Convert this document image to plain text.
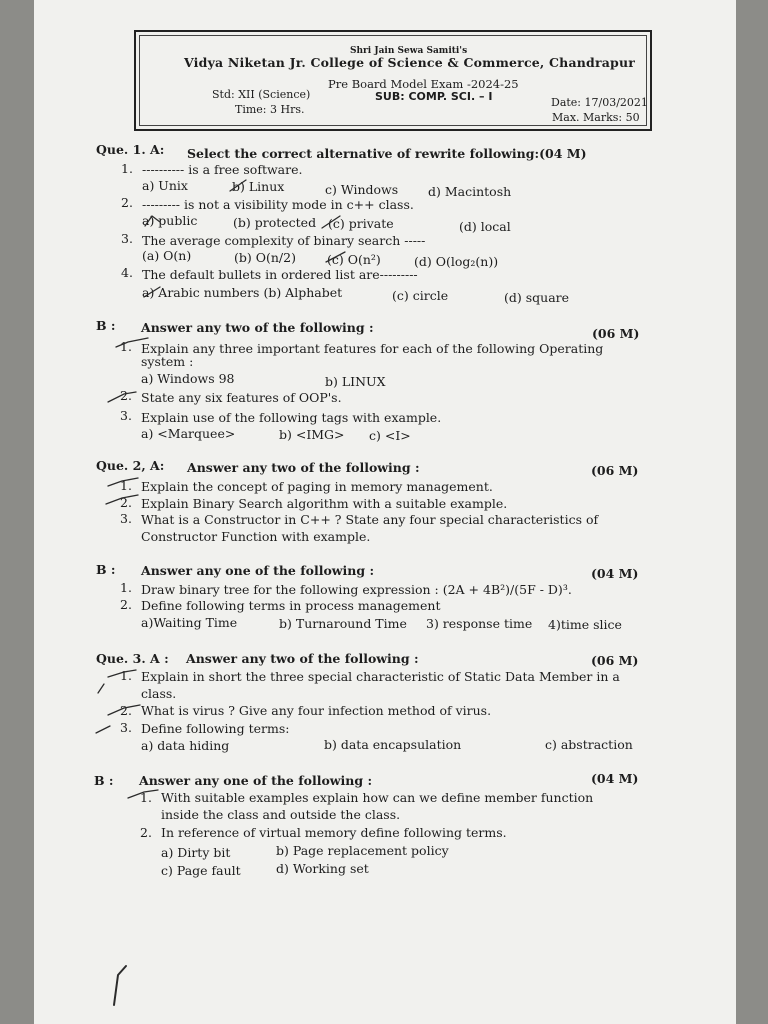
Shri Jain Sewa Samiti's
Vidya Niketan Jr. College of Science & Commerce, Chandrapur
Pre Board Model Exam -2024-25
Std: XII (Science)	SUB: COMP. SCI. – I	Date: 17/03/2021
Time: 3 Hrs.
Max. Marks: 50
Que. 1. A: Select the correct alternative of rewrite following:(04 M)
1. ---------- is a free software.
a) Unix	b) Linux	c) Windows d) Macintosh
2. --------- is not a visibility mode in c++ class.
a) public	(b) protected (c) private	(d) local
3. The average complexity of binary search -----
(a) O(n)	(b) O(n/2) (c) O(n²)	(d) O(log₂(n))
4. The default bullets in ordered list are---------
a) Arabic numbers (b) Alphabet	(c) circle	(d) square
B : Answer any two of the following :	(06 M)
1. Explain any three important features for each of the following Operating
system :
a) Windows 98	b) LINUX
2. State any six features of OOP's.
3. Explain use of the following tags with example.
a) <Marquee>	b) <IMG> c) <I>
Que. 2, A: Answer any two of the following :	(06 M)
1. Explain the concept of paging in memory management.
2. Explain Binary Search algorithm with a suitable example.
3. What is a Constructor in C++ ? State any four special characteristics of
Constructor Function with example.
B : Answer any one of the following :	(04 M)
1. Draw binary tree for the following expression : (2A + 4B²)/(5F - D)³.
2. Define following terms in process management
a)Waiting Time	b) Turnaround Time 3) response time 4)time slice
Que. 3. A : Answer any two of the following :	(06 M)
1. Explain in short the three special characteristic of Static Data Member in a
class.
2. What is virus ? Give any four infection method of virus.
3. Define following terms:
a) data hiding	b) data encapsulation	c) abstraction
B : Answer any one of the following :	(04 M)
1. With suitable examples explain how can we define member function
inside the class and outside the class.
2. In reference of virtual memory define following terms.
a) Dirty bit	b) Page replacement policy
c) Page fault	d) Working set
